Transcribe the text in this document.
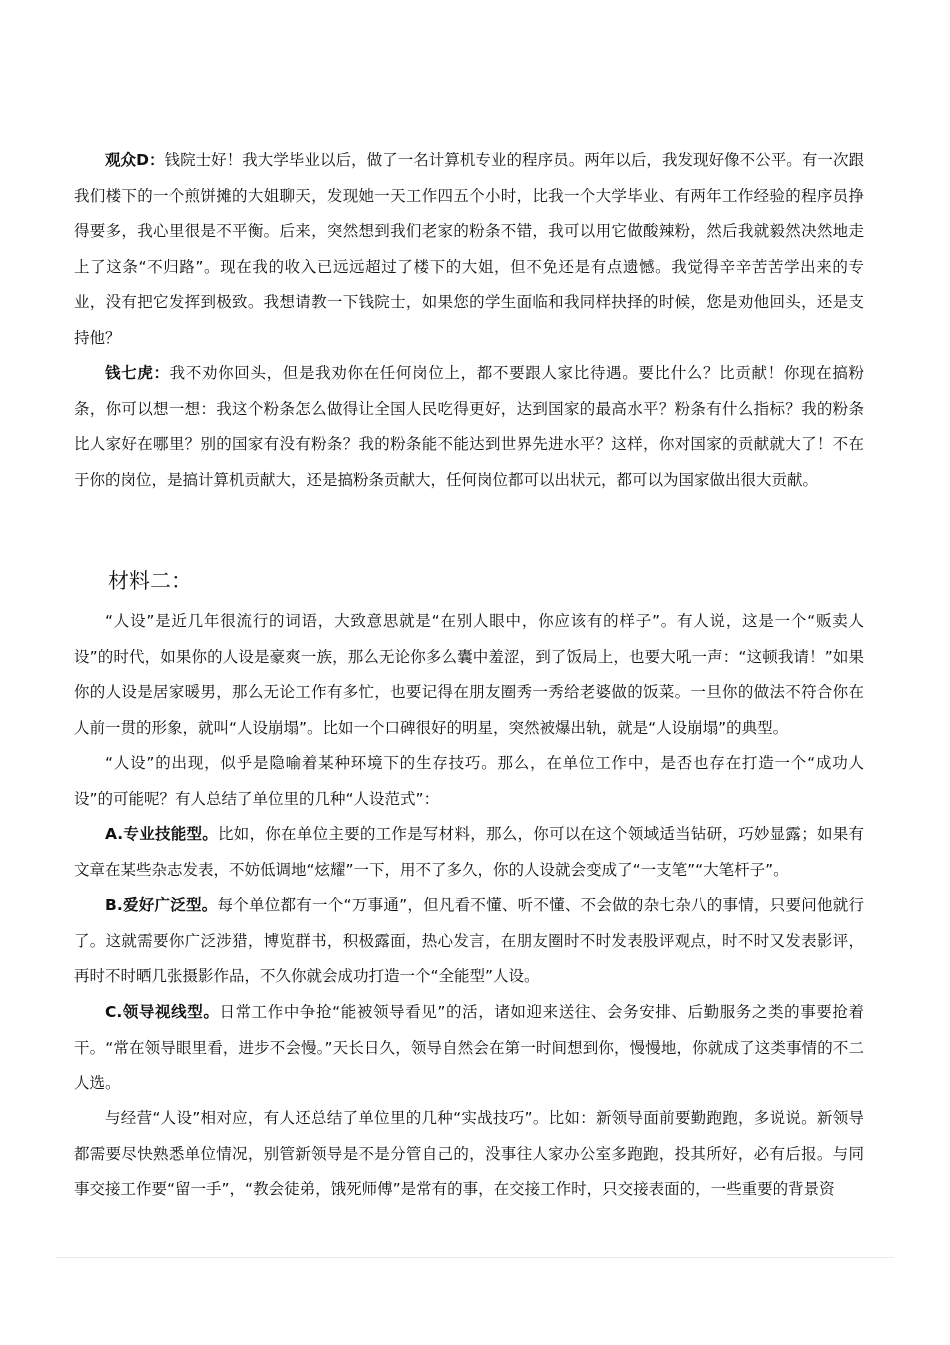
观众D：钱院士好！我大学毕业以后，做了一名计算机专业的程序员。两年以后，我发现好像不公平。有一次跟我们楼下的一个煎饼摊的大姐聊天，发现她一天工作四五个小时，比我一个大学毕业、有两年工作经验的程序员挣得要多，我心里很是不平衡。后来，突然想到我们老家的粉条不错，我可以用它做酸辣粉，然后我就毅然决然地走上了这条“不归路”。现在我的收入已远远超过了楼下的大姐，但不免还是有点遗憾。我觉得辛辛苦苦学出来的专业，没有把它发挥到极致。我想请教一下钱院士，如果您的学生面临和我同样抉择的时候，您是劝他回头，还是支持他？

钱七虎：我不劝你回头，但是我劝你在任何岗位上，都不要跟人家比待遇。要比什么？比贡献！你现在搞粉条，你可以想一想：我这个粉条怎么做得让全国人民吃得更好，达到国家的最高水平？粉条有什么指标？我的粉条比人家好在哪里？别的国家有没有粉条？我的粉条能不能达到世界先进水平？这样，你对国家的贡献就大了！不在于你的岗位，是搞计算机贡献大，还是搞粉条贡献大，任何岗位都可以出状元，都可以为国家做出很大贡献。

材料二：

“人设”是近几年很流行的词语，大致意思就是“在别人眼中，你应该有的样子”。有人说，这是一个“贩卖人设”的时代，如果你的人设是豪爽一族，那么无论你多么囊中羞涩，到了饭局上，也要大吼一声：“这顿我请！”如果你的人设是居家暖男，那么无论工作有多忙，也要记得在朋友圈秀一秀给老婆做的饭菜。一旦你的做法不符合你在人前一贯的形象，就叫“人设崩塌”。比如一个口碑很好的明星，突然被爆出轨，就是“人设崩塌”的典型。

“人设”的出现，似乎是隐喻着某种环境下的生存技巧。那么，在单位工作中，是否也存在打造一个“成功人设”的可能呢？有人总结了单位里的几种“人设范式”：

A.专业技能型。比如，你在单位主要的工作是写材料，那么，你可以在这个领域适当钻研，巧妙显露；如果有文章在某些杂志发表，不妨低调地“炫耀”一下，用不了多久，你的人设就会变成了“一支笔”“大笔杆子”。

B.爱好广泛型。每个单位都有一个“万事通”，但凡看不懂、听不懂、不会做的杂七杂八的事情，只要问他就行了。这就需要你广泛涉猎，博览群书，积极露面，热心发言，在朋友圈时不时发表股评观点，时不时又发表影评，再时不时晒几张摄影作品，不久你就会成功打造一个“全能型”人设。

C.领导视线型。日常工作中争抢“能被领导看见”的活，诸如迎来送往、会务安排、后勤服务之类的事要抢着干。“常在领导眼里看，进步不会慢。”天长日久，领导自然会在第一时间想到你，慢慢地，你就成了这类事情的不二人选。

与经营“人设”相对应，有人还总结了单位里的几种“实战技巧”。比如：新领导面前要勤跑跑，多说说。新领导都需要尽快熟悉单位情况，别管新领导是不是分管自己的，没事往人家办公室多跑跑，投其所好，必有后报。与同事交接工作要“留一手”，“教会徒弟，饿死师傅”是常有的事，在交接工作时，只交接表面的，一些重要的背景资
